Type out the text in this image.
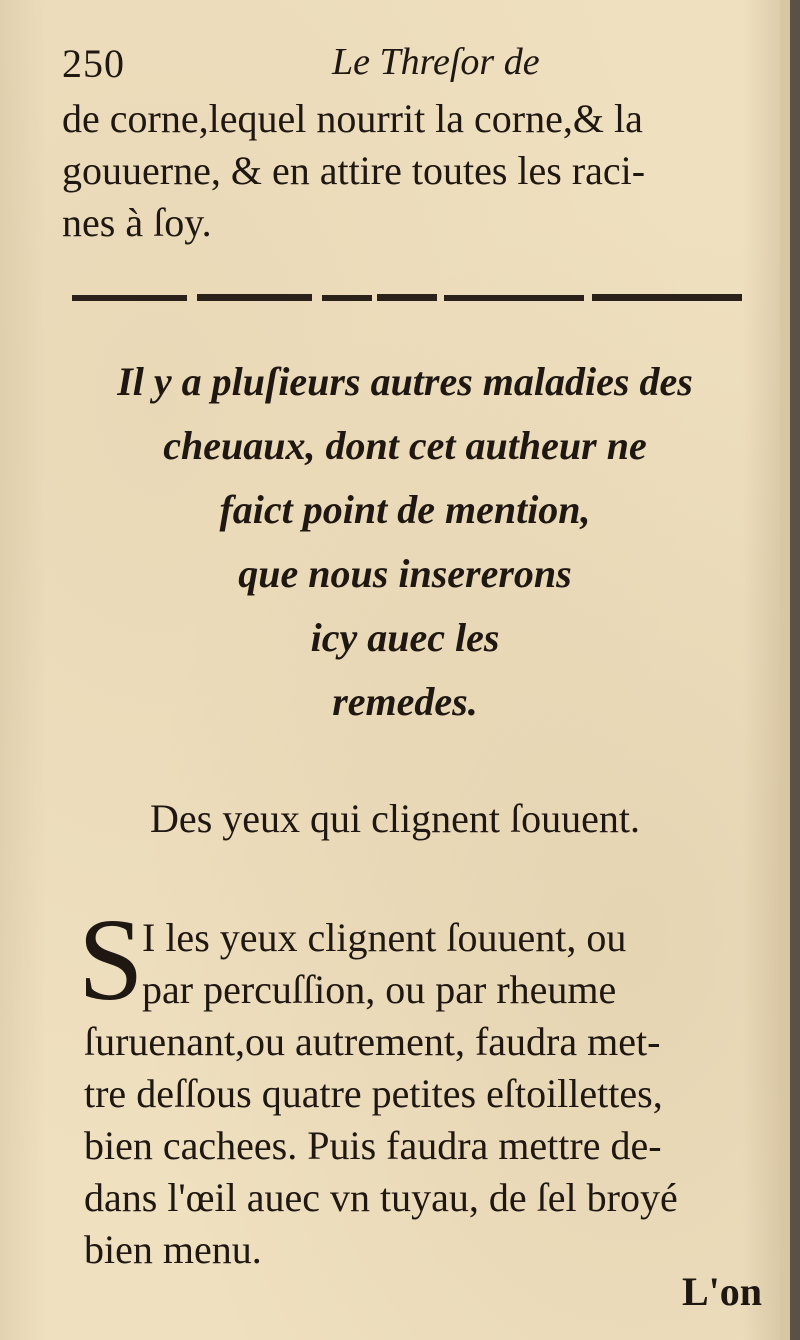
250	Le Threſor de
de corne,lequel nourrit la corne,& la
gouuerne, & en attire toutes les raci-
nes à ſoy.
Il y a pluſieurs autres maladies des
cheuaux, dont cet autheur ne
faict point de mention,
que nous insererons
icy auec les
remedes.
Des yeux qui clignent ſouuent.
S
I les yeux clignent ſouuent, ou
par percuſſion, ou par rheume
ſuruenant,ou autrement, faudra met-
tre deſſous quatre petites eſtoillettes,
bien cachees. Puis faudra mettre de-
dans l'œil auec vn tuyau, de ſel broyé
bien menu.
L'on
